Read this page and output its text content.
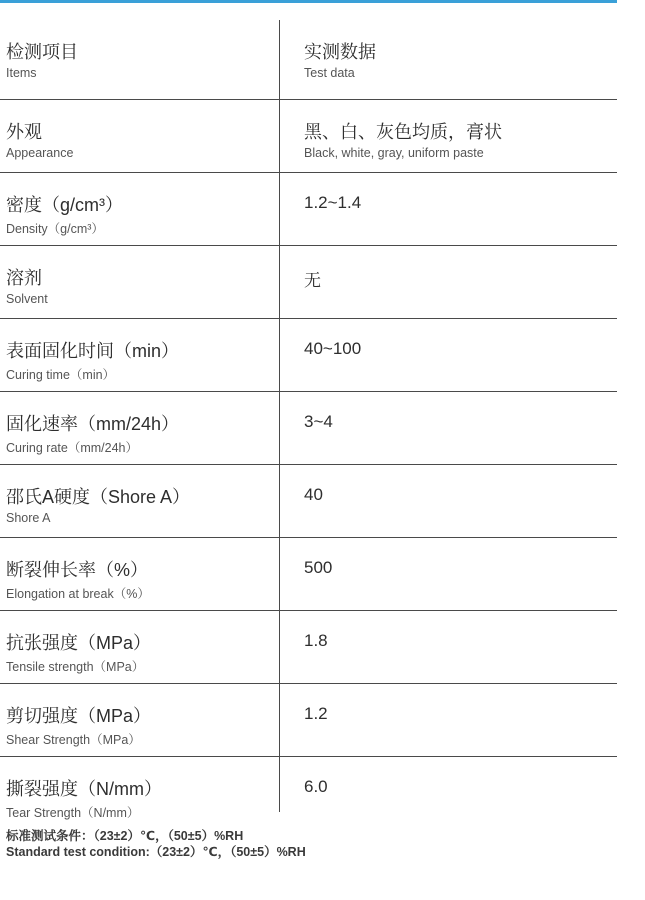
检测项目
Items
实测数据
Test data
外观
Appearance
黑、白、灰色均质，膏状
Black, white, gray, uniform paste
密度（g/cm³）
Density（g/cm³）
1.2~1.4
溶剂
Solvent
无
表面固化时间（min）
Curing time（min）
40~100
固化速率（mm/24h）
Curing rate（mm/24h）
3~4
邵氏A硬度（Shore A）
Shore A
40
断裂伸长率（%）
Elongation at break（%）
500
抗张强度（MPa）
Tensile strength（MPa）
1.8
剪切强度（MPa）
Shear Strength（MPa）
1.2
撕裂强度（N/mm）
Tear Strength（N/mm）
6.0
标准测试条件：（23±2）℃，（50±5）%RH
Standard test condition:（23±2）℃，（50±5）%RH
